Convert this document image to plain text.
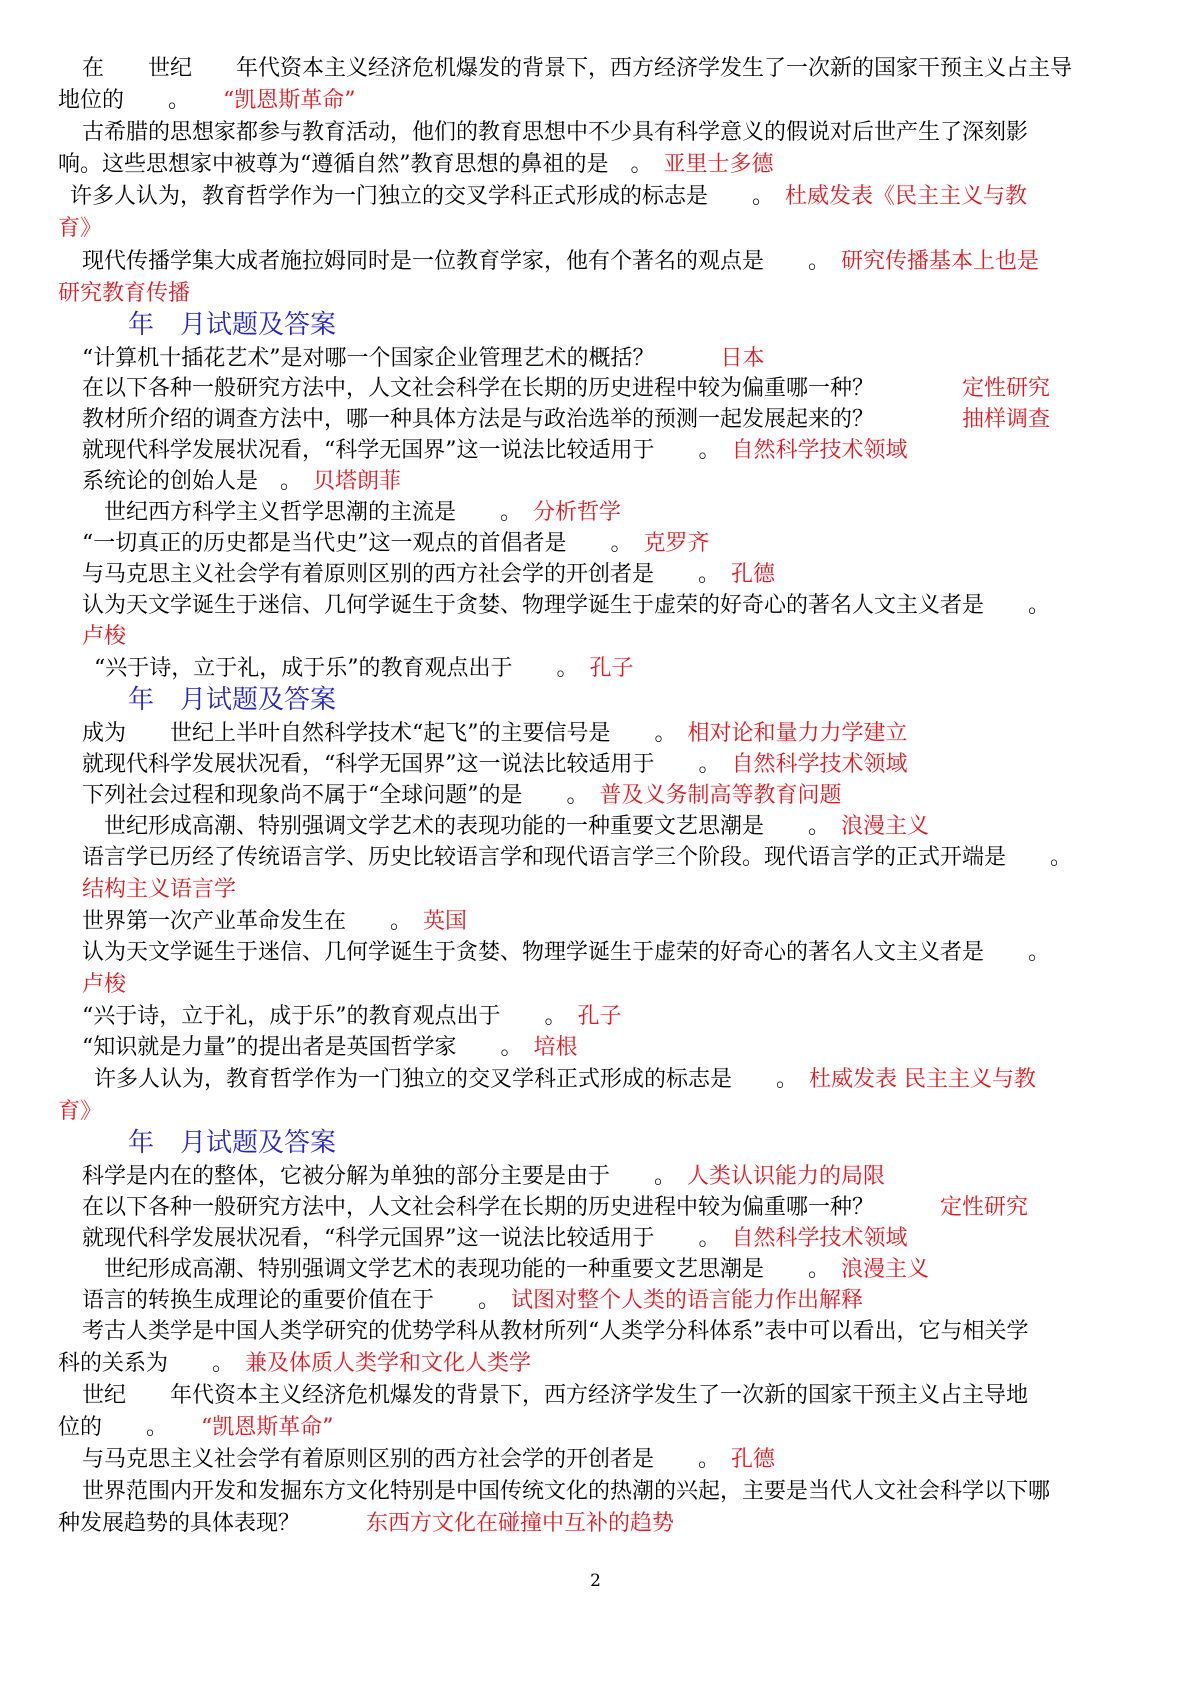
在　　世纪　　年代资本主义经济危机爆发的背景下，西方经济学发生了一次新的国家干预主义占主导
地位的　　。　　“凯恩斯革命”
古希腊的思想家都参与教育活动，他们的教育思想中不少具有科学意义的假说对后世产生了深刻影
响。这些思想家中被尊为“遵循自然”教育思想的鼻祖的是　。　亚里士多德
许多人认为，教育哲学作为一门独立的交叉学科正式形成的标志是　　。　杜威发表《民主主义与教
育》
现代传播学集大成者施拉姆同时是一位教育学家，他有个著名的观点是　　。　研究传播基本上也是
研究教育传播
年　月试题及答案
“计算机十插花艺术”是对哪一个国家企业管理艺术的概括？　　　日本
在以下各种一般研究方法中，人文社会科学在长期的历史进程中较为偏重哪一种？　　　　定性研究
教材所介绍的调查方法中，哪一种具体方法是与政治选举的预测一起发展起来的？　　　　抽样调查
就现代科学发展状况看，“科学无国界”这一说法比较适用于　　。　自然科学技术领域
系统论的创始人是　。　贝塔朗菲
　世纪西方科学主义哲学思潮的主流是　　。　分析哲学
“一切真正的历史都是当代史”这一观点的首倡者是　　。　克罗齐
与马克思主义社会学有着原则区别的西方社会学的开创者是　　。　孔德
认为天文学诞生于迷信、几何学诞生于贪婪、物理学诞生于虚荣的好奇心的著名人文主义者是　　。
卢梭
“兴于诗，立于礼，成于乐”的教育观点出于　　。　孔子
年　月试题及答案
成为　　世纪上半叶自然科学技术“起飞”的主要信号是　　。　相对论和量力力学建立
就现代科学发展状况看，“科学无国界”这一说法比较适用于　　。　自然科学技术领域
下列社会过程和现象尚不属于“全球问题”的是　　。　普及义务制高等教育问题
　世纪形成高潮、特别强调文学艺术的表现功能的一种重要文艺思潮是　　。　浪漫主义
语言学已历经了传统语言学、历史比较语言学和现代语言学三个阶段。现代语言学的正式开端是　　。
结构主义语言学
世界第一次产业革命发生在　　。　英国
认为天文学诞生于迷信、几何学诞生于贪婪、物理学诞生于虚荣的好奇心的著名人文主义者是　　。
卢梭
“兴于诗，立于礼，成于乐”的教育观点出于　　。　孔子
“知识就是力量”的提出者是英国哲学家　　。　培根
许多人认为，教育哲学作为一门独立的交叉学科正式形成的标志是　　。　杜威发表 民主主义与教
育》
年　月试题及答案
科学是内在的整体，它被分解为单独的部分主要是由于　　。　人类认识能力的局限
在以下各种一般研究方法中，人文社会科学在长期的历史进程中较为偏重哪一种？　　　定性研究
就现代科学发展状况看，“科学元国界”这一说法比较适用于　　。　自然科学技术领域
　世纪形成高潮、特别强调文学艺术的表现功能的一种重要文艺思潮是　　。　浪漫主义
语言的转换生成理论的重要价值在于　　。　试图对整个人类的语言能力作出解释
考古人类学是中国人类学研究的优势学科从教材所列“人类学分科体系”表中可以看出，它与相关学
科的关系为　　。　兼及体质人类学和文化人类学
世纪　　年代资本主义经济危机爆发的背景下，西方经济学发生了一次新的国家干预主义占主导地
位的　　。　　“凯恩斯革命”
与马克思主义社会学有着原则区别的西方社会学的开创者是　　。　孔德
世界范围内开发和发掘东方文化特别是中国传统文化的热潮的兴起，主要是当代人文社会科学以下哪
种发展趋势的具体表现？　　　东西方文化在碰撞中互补的趋势
2
